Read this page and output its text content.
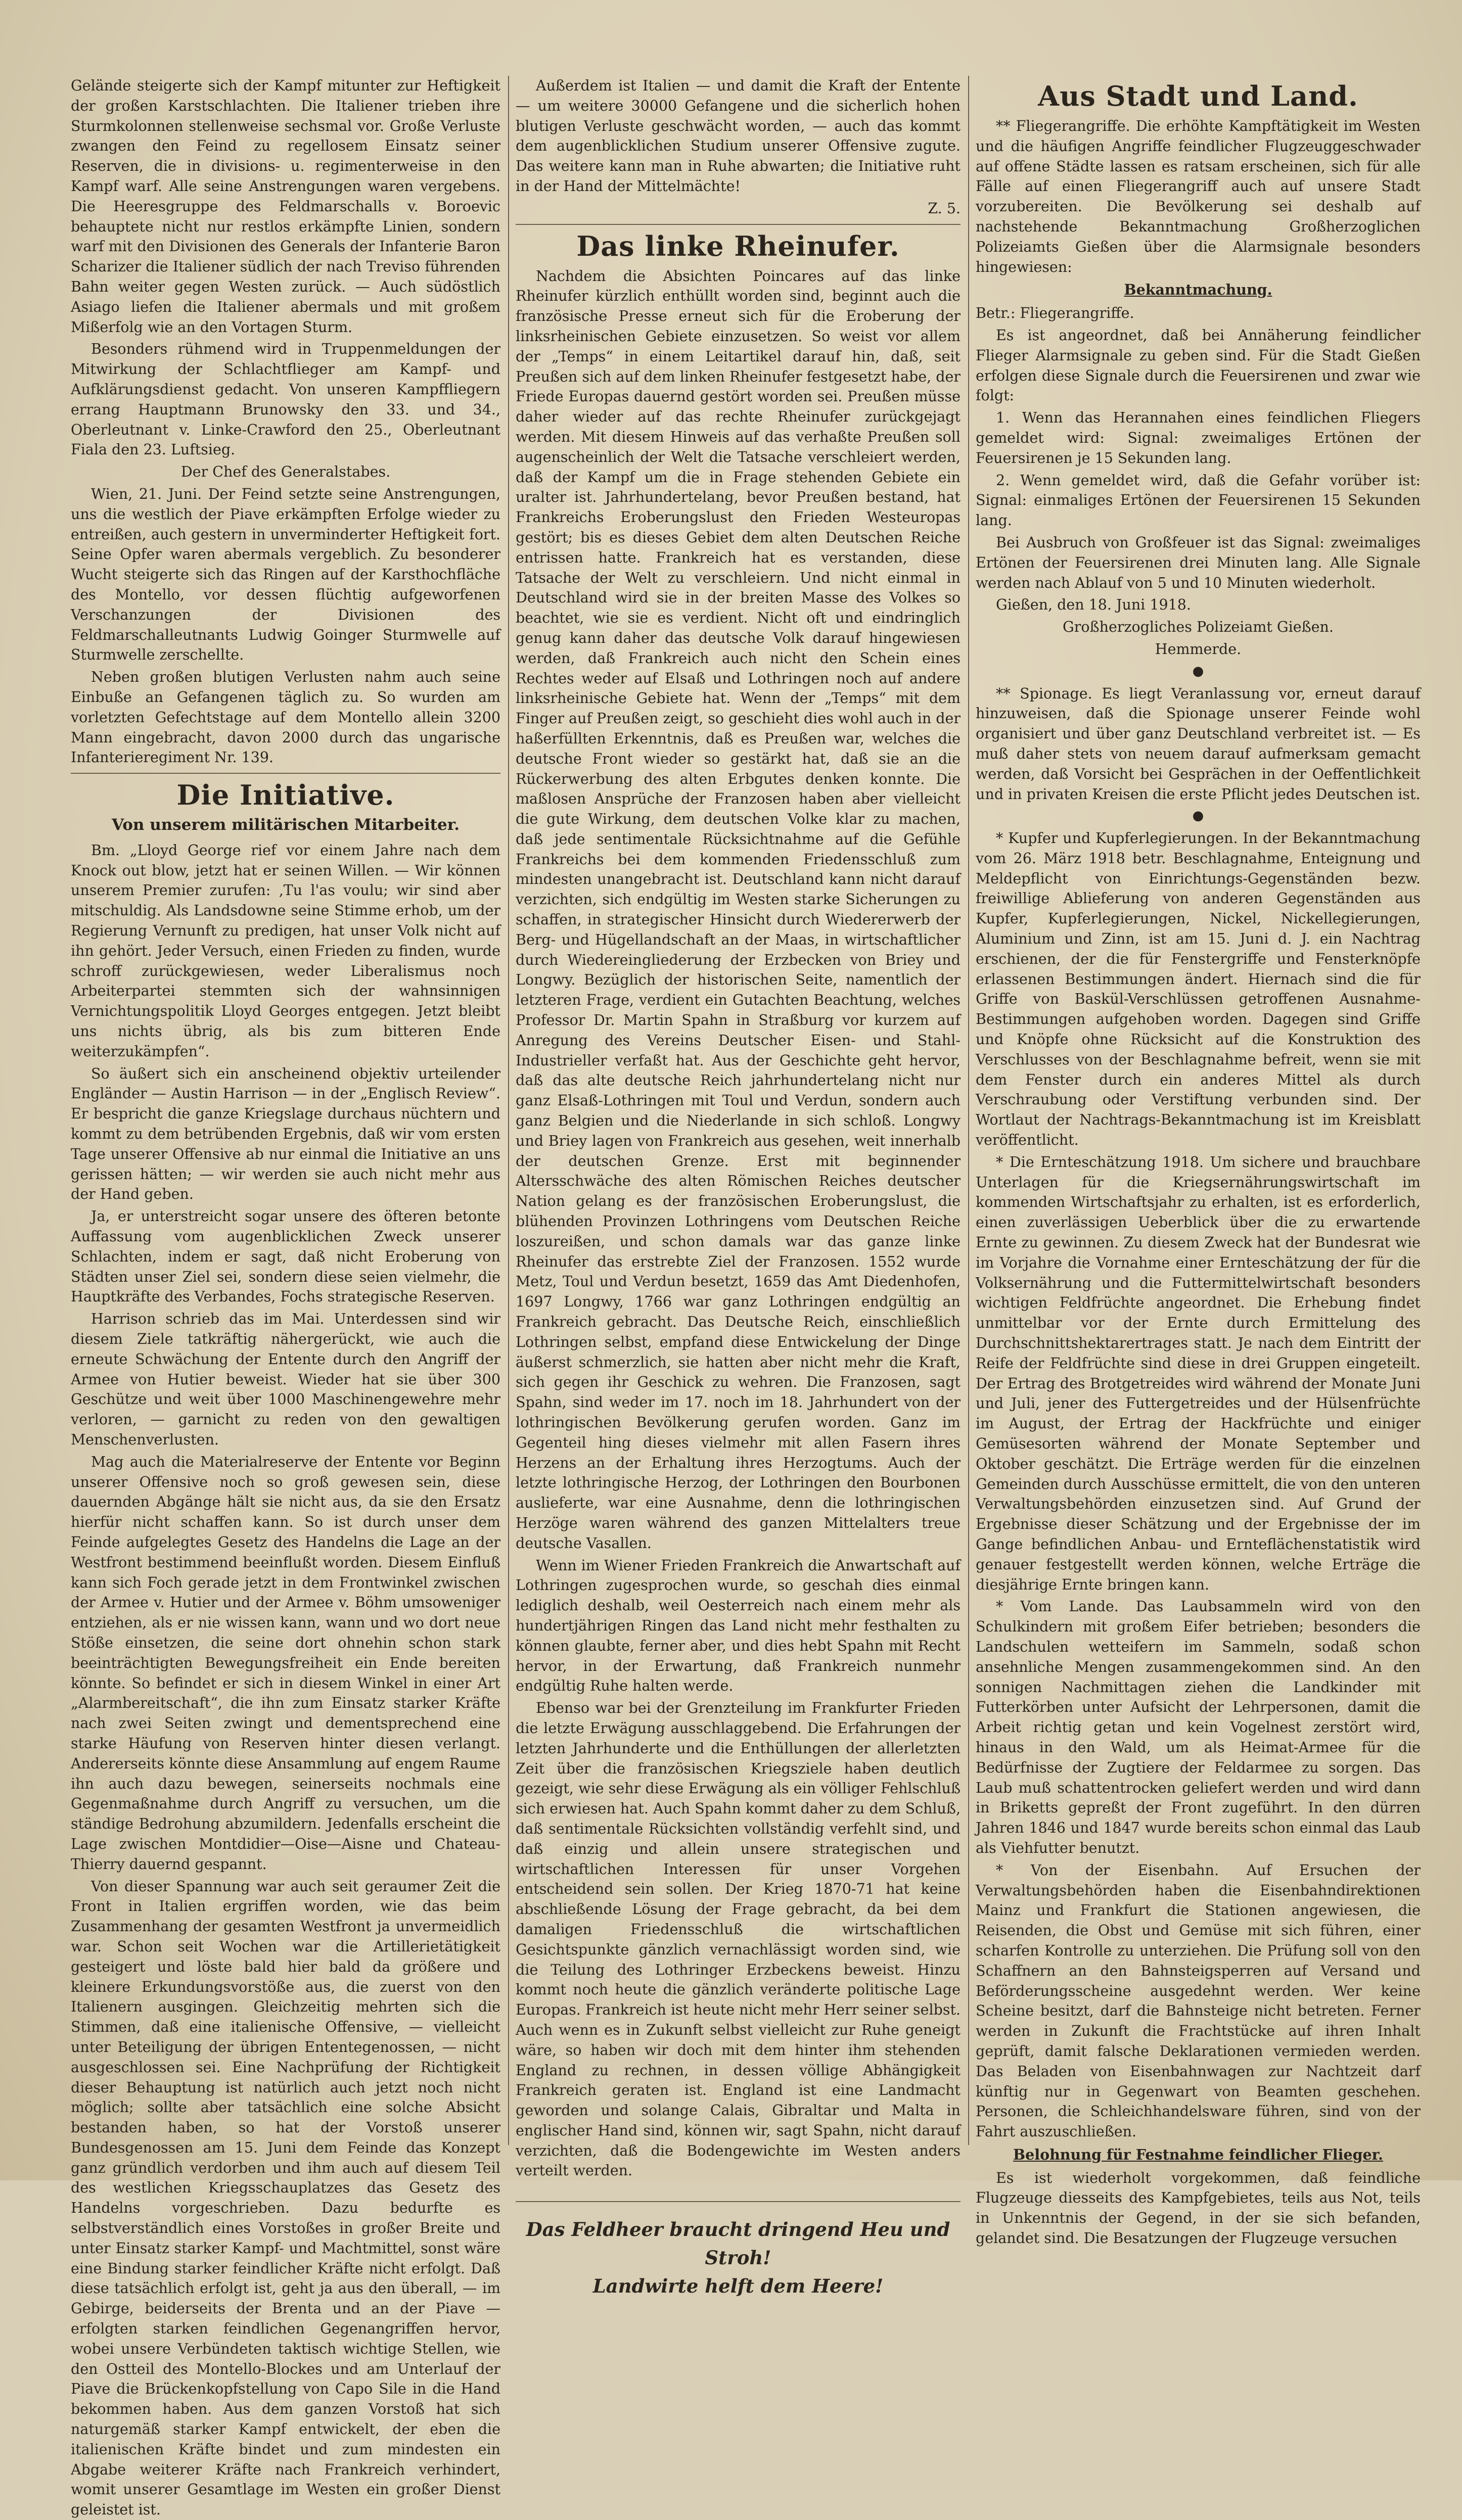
Gelände steigerte sich der Kampf mitunter zur Heftigkeit der großen Karstschlachten. Die Italiener trieben ihre Sturmkolonnen stellenweise sechsmal vor. Große Verluste zwangen den Feind zu regellosem Einsatz seiner Reserven, die in divisions- u. regimenterweise in den Kampf warf. Alle seine Anstrengungen waren vergebens. Die Heeresgruppe des Feldmarschalls v. Boroevic behauptete nicht nur restlos erkämpfte Linien, sondern warf mit den Divisionen des Generals der Infanterie Baron Scharizer die Italiener südlich der nach Treviso führenden Bahn weiter gegen Westen zurück. — Auch südöstlich Asiago liefen die Italiener abermals und mit großem Mißerfolg wie an den Vortagen Sturm.

Besonders rühmend wird in Truppenmeldungen der Mitwirkung der Schlachtflieger am Kampf- und Aufklärungsdienst gedacht. Von unseren Kampffliegern errang Hauptmann Brunowsky den 33. und 34., Oberleutnant v. Linke-Crawford den 25., Oberleutnant Fiala den 23. Luftsieg.

Der Chef des Generalstabes.

Wien, 21. Juni. Der Feind setzte seine Anstrengungen, uns die westlich der Piave erkämpften Erfolge wieder zu entreißen, auch gestern in unverminderter Heftigkeit fort. Seine Opfer waren abermals vergeblich. Zu besonderer Wucht steigerte sich das Ringen auf der Karsthochfläche des Montello, vor dessen flüchtig aufgeworfenen Verschanzungen der Divisionen des Feldmarschalleutnants Ludwig Goinger Sturmwelle auf Sturmwelle zerschellte.

Neben großen blutigen Verlusten nahm auch seine Einbuße an Gefangenen täglich zu. So wurden am vorletzten Gefechtstage auf dem Montello allein 3200 Mann eingebracht, davon 2000 durch das ungarische Infanterieregiment Nr. 139.

Die Initiative.
Von unserem militärischen Mitarbeiter.

Bm. „Lloyd George rief vor einem Jahre nach dem Knock out blow, jetzt hat er seinen Willen. — Wir können unserem Premier zurufen: ‚Tu l'as voulu; wir sind aber mitschuldig. Als Landsdowne seine Stimme erhob, um der Regierung Vernunft zu predigen, hat unser Volk nicht auf ihn gehört. Jeder Versuch, einen Frieden zu finden, wurde schroff zurückgewiesen, weder Liberalismus noch Arbeiterpartei stemmten sich der wahnsinnigen Vernichtungspolitik Lloyd Georges entgegen. Jetzt bleibt uns nichts übrig, als bis zum bitteren Ende weiterzukämpfen“.

So äußert sich ein anscheinend objektiv urteilender Engländer — Austin Harrison — in der „Englisch Review“. Er bespricht die ganze Kriegslage durchaus nüchtern und kommt zu dem betrübenden Ergebnis, daß wir vom ersten Tage unserer Offensive ab nur einmal die Initiative an uns gerissen hätten; — wir werden sie auch nicht mehr aus der Hand geben.

Ja, er unterstreicht sogar unsere des öfteren betonte Auffassung vom augenblicklichen Zweck unserer Schlachten, indem er sagt, daß nicht Eroberung von Städten unser Ziel sei, sondern diese seien vielmehr, die Hauptkräfte des Verbandes, Fochs strategische Reserven.

Harrison schrieb das im Mai. Unterdessen sind wir diesem Ziele tatkräftig nähergerückt, wie auch die erneute Schwächung der Entente durch den Angriff der Armee von Hutier beweist. Wieder hat sie über 300 Geschütze und weit über 1000 Maschinengewehre mehr verloren, — garnicht zu reden von den gewaltigen Menschenverlusten.

Mag auch die Materialreserve der Entente vor Beginn unserer Offensive noch so groß gewesen sein, diese dauernden Abgänge hält sie nicht aus, da sie den Ersatz hierfür nicht schaffen kann. So ist durch unser dem Feinde aufgelegtes Gesetz des Handelns die Lage an der Westfront bestimmend beeinflußt worden. Diesem Einfluß kann sich Foch gerade jetzt in dem Frontwinkel zwischen der Armee v. Hutier und der Armee v. Böhm umsoweniger entziehen, als er nie wissen kann, wann und wo dort neue Stöße einsetzen, die seine dort ohnehin schon stark beeinträchtigten Bewegungsfreiheit ein Ende bereiten könnte. So befindet er sich in diesem Winkel in einer Art „Alarmbereitschaft“, die ihn zum Einsatz starker Kräfte nach zwei Seiten zwingt und dementsprechend eine starke Häufung von Reserven hinter diesen verlangt. Andererseits könnte diese Ansammlung auf engem Raume ihn auch dazu bewegen, seinerseits nochmals eine Gegenmaßnahme durch Angriff zu versuchen, um die ständige Bedrohung abzumildern. Jedenfalls erscheint die Lage zwischen Montdidier—Oise—Aisne und Chateau-Thierry dauernd gespannt.

Von dieser Spannung war auch seit geraumer Zeit die Front in Italien ergriffen worden, wie das beim Zusammenhang der gesamten Westfront ja unvermeidlich war. Schon seit Wochen war die Artillerietätigkeit gesteigert und löste bald hier bald da größere und kleinere Erkundungsvorstöße aus, die zuerst von den Italienern ausgingen. Gleichzeitig mehrten sich die Stimmen, daß eine italienische Offensive, — vielleicht unter Beteiligung der übrigen Ententegenossen, — nicht ausgeschlossen sei. Eine Nachprüfung der Richtigkeit dieser Behauptung ist natürlich auch jetzt noch nicht möglich; sollte aber tatsächlich eine solche Absicht bestanden haben, so hat der Vorstoß unserer Bundesgenossen am 15. Juni dem Feinde das Konzept ganz gründlich verdorben und ihm auch auf diesem Teil des westlichen Kriegsschauplatzes das Gesetz des Handelns vorgeschrieben. Dazu bedurfte es selbstverständlich eines Vorstoßes in großer Breite und unter Einsatz starker Kampf- und Machtmittel, sonst wäre eine Bindung starker feindlicher Kräfte nicht erfolgt. Daß diese tatsächlich erfolgt ist, geht ja aus den überall, — im Gebirge, beiderseits der Brenta und an der Piave — erfolgten starken feindlichen Gegenangriffen hervor, wobei unsere Verbündeten taktisch wichtige Stellen, wie den Ostteil des Montello-Blockes und am Unterlauf der Piave die Brückenkopfstellung von Capo Sile in die Hand bekommen haben. Aus dem ganzen Vorstoß hat sich naturgemäß starker Kampf entwickelt, der eben die italienischen Kräfte bindet und zum mindesten ein Abgabe weiterer Kräfte nach Frankreich verhindert, womit unserer Gesamtlage im Westen ein großer Dienst geleistet ist.

Außerdem ist Italien — und damit die Kraft der Entente — um weitere 30000 Gefangene und die sicherlich hohen blutigen Verluste geschwächt worden, — auch das kommt dem augenblicklichen Studium unserer Offensive zugute. Das weitere kann man in Ruhe abwarten; die Initiative ruht in der Hand der Mittelmächte!

Z. 5.

Das linke Rheinufer.

Nachdem die Absichten Poincares auf das linke Rheinufer kürzlich enthüllt worden sind, beginnt auch die französische Presse erneut sich für die Eroberung der linksrheinischen Gebiete einzusetzen. So weist vor allem der „Temps“ in einem Leitartikel darauf hin, daß, seit Preußen sich auf dem linken Rheinufer festgesetzt habe, der Friede Europas dauernd gestört worden sei. Preußen müsse daher wieder auf das rechte Rheinufer zurückgejagt werden. Mit diesem Hinweis auf das verhaßte Preußen soll augenscheinlich der Welt die Tatsache verschleiert werden, daß der Kampf um die in Frage stehenden Gebiete ein uralter ist. Jahrhundertelang, bevor Preußen bestand, hat Frankreichs Eroberungslust den Frieden Westeuropas gestört; bis es dieses Gebiet dem alten Deutschen Reiche entrissen hatte. Frankreich hat es verstanden, diese Tatsache der Welt zu verschleiern. Und nicht einmal in Deutschland wird sie in der breiten Masse des Volkes so beachtet, wie sie es verdient. Nicht oft und eindringlich genug kann daher das deutsche Volk darauf hingewiesen werden, daß Frankreich auch nicht den Schein eines Rechtes weder auf Elsaß und Lothringen noch auf andere linksrheinische Gebiete hat. Wenn der „Temps“ mit dem Finger auf Preußen zeigt, so geschieht dies wohl auch in der haßerfüllten Erkenntnis, daß es Preußen war, welches die deutsche Front wieder so gestärkt hat, daß sie an die Rückerwerbung des alten Erbgutes denken konnte. Die maßlosen Ansprüche der Franzosen haben aber vielleicht die gute Wirkung, dem deutschen Volke klar zu machen, daß jede sentimentale Rücksichtnahme auf die Gefühle Frankreichs bei dem kommenden Friedensschluß zum mindesten unangebracht ist. Deutschland kann nicht darauf verzichten, sich endgültig im Westen starke Sicherungen zu schaffen, in strategischer Hinsicht durch Wiedererwerb der Berg- und Hügellandschaft an der Maas, in wirtschaftlicher durch Wiedereingliederung der Erzbecken von Briey und Longwy. Bezüglich der historischen Seite, namentlich der letzteren Frage, verdient ein Gutachten Beachtung, welches Professor Dr. Martin Spahn in Straßburg vor kurzem auf Anregung des Vereins Deutscher Eisen- und Stahl-Industrieller verfaßt hat. Aus der Geschichte geht hervor, daß das alte deutsche Reich jahrhundertelang nicht nur ganz Elsaß-Lothringen mit Toul und Verdun, sondern auch ganz Belgien und die Niederlande in sich schloß. Longwy und Briey lagen von Frankreich aus gesehen, weit innerhalb der deutschen Grenze. Erst mit beginnender Altersschwäche des alten Römischen Reiches deutscher Nation gelang es der französischen Eroberungslust, die blühenden Provinzen Lothringens vom Deutschen Reiche loszureißen, und schon damals war das ganze linke Rheinufer das erstrebte Ziel der Franzosen. 1552 wurde Metz, Toul und Verdun besetzt, 1659 das Amt Diedenhofen, 1697 Longwy, 1766 war ganz Lothringen endgültig an Frankreich gebracht. Das Deutsche Reich, einschließlich Lothringen selbst, empfand diese Entwickelung der Dinge äußerst schmerzlich, sie hatten aber nicht mehr die Kraft, sich gegen ihr Geschick zu wehren. Die Franzosen, sagt Spahn, sind weder im 17. noch im 18. Jahrhundert von der lothringischen Bevölkerung gerufen worden. Ganz im Gegenteil hing dieses vielmehr mit allen Fasern ihres Herzens an der Erhaltung ihres Herzogtums. Auch der letzte lothringische Herzog, der Lothringen den Bourbonen auslieferte, war eine Ausnahme, denn die lothringischen Herzöge waren während des ganzen Mittelalters treue deutsche Vasallen.

Wenn im Wiener Frieden Frankreich die Anwartschaft auf Lothringen zugesprochen wurde, so geschah dies einmal lediglich deshalb, weil Oesterreich nach einem mehr als hundertjährigen Ringen das Land nicht mehr festhalten zu können glaubte, ferner aber, und dies hebt Spahn mit Recht hervor, in der Erwartung, daß Frankreich nunmehr endgültig Ruhe halten werde.

Ebenso war bei der Grenzteilung im Frankfurter Frieden die letzte Erwägung ausschlaggebend. Die Erfahrungen der letzten Jahrhunderte und die Enthüllungen der allerletzten Zeit über die französischen Kriegsziele haben deutlich gezeigt, wie sehr diese Erwägung als ein völliger Fehlschluß sich erwiesen hat. Auch Spahn kommt daher zu dem Schluß, daß sentimentale Rücksichten vollständig verfehlt sind, und daß einzig und allein unsere strategischen und wirtschaftlichen Interessen für unser Vorgehen entscheidend sein sollen. Der Krieg 1870-71 hat keine abschließende Lösung der Frage gebracht, da bei dem damaligen Friedensschluß die wirtschaftlichen Gesichtspunkte gänzlich vernachlässigt worden sind, wie die Teilung des Lothringer Erzbeckens beweist. Hinzu kommt noch heute die gänzlich veränderte politische Lage Europas. Frankreich ist heute nicht mehr Herr seiner selbst. Auch wenn es in Zukunft selbst vielleicht zur Ruhe geneigt wäre, so haben wir doch mit dem hinter ihm stehenden England zu rechnen, in dessen völlige Abhängigkeit Frankreich geraten ist. England ist eine Landmacht geworden und solange Calais, Gibraltar und Malta in englischer Hand sind, können wir, sagt Spahn, nicht darauf verzichten, daß die Bodengewichte im Westen anders verteilt werden.

Das Feldheer braucht dringend Heu und Stroh!
Landwirte helft dem Heere!
Aus Stadt und Land.

** Fliegerangriffe. Die erhöhte Kampftätigkeit im Westen und die häufigen Angriffe feindlicher Flugzeuggeschwader auf offene Städte lassen es ratsam erscheinen, sich für alle Fälle auf einen Fliegerangriff auch auf unsere Stadt vorzubereiten. Die Bevölkerung sei deshalb auf nachstehende Bekanntmachung Großherzoglichen Polizeiamts Gießen über die Alarmsignale besonders hingewiesen:

Bekanntmachung.

Betr.: Fliegerangriffe.

Es ist angeordnet, daß bei Annäherung feindlicher Flieger Alarmsignale zu geben sind. Für die Stadt Gießen erfolgen diese Signale durch die Feuersirenen und zwar wie folgt:

1. Wenn das Herannahen eines feindlichen Fliegers gemeldet wird: Signal: zweimaliges Ertönen der Feuersirenen je 15 Sekunden lang.

2. Wenn gemeldet wird, daß die Gefahr vorüber ist: Signal: einmaliges Ertönen der Feuersirenen 15 Sekunden lang.

Bei Ausbruch von Großfeuer ist das Signal: zweimaliges Ertönen der Feuersirenen drei Minuten lang. Alle Signale werden nach Ablauf von 5 und 10 Minuten wiederholt.

Gießen, den 18. Juni 1918.

Großherzogliches Polizeiamt Gießen.

Hemmerde.

●

** Spionage. Es liegt Veranlassung vor, erneut darauf hinzuweisen, daß die Spionage unserer Feinde wohl organisiert und über ganz Deutschland verbreitet ist. — Es muß daher stets von neuem darauf aufmerksam gemacht werden, daß Vorsicht bei Gesprächen in der Oeffentlichkeit und in privaten Kreisen die erste Pflicht jedes Deutschen ist.

●

* Kupfer und Kupferlegierungen. In der Bekanntmachung vom 26. März 1918 betr. Beschlagnahme, Enteignung und Meldepflicht von Einrichtungs-Gegenständen bezw. freiwillige Ablieferung von anderen Gegenständen aus Kupfer, Kupferlegierungen, Nickel, Nickellegierungen, Aluminium und Zinn, ist am 15. Juni d. J. ein Nachtrag erschienen, der die für Fenstergriffe und Fensterknöpfe erlassenen Bestimmungen ändert. Hiernach sind die für Griffe von Baskül-Verschlüssen getroffenen Ausnahme-Bestimmungen aufgehoben worden. Dagegen sind Griffe und Knöpfe ohne Rücksicht auf die Konstruktion des Verschlusses von der Beschlagnahme befreit, wenn sie mit dem Fenster durch ein anderes Mittel als durch Verschraubung oder Verstiftung verbunden sind. Der Wortlaut der Nachtrags-Bekanntmachung ist im Kreisblatt veröffentlicht.

* Die Ernteschätzung 1918. Um sichere und brauchbare Unterlagen für die Kriegsernährungswirtschaft im kommenden Wirtschaftsjahr zu erhalten, ist es erforderlich, einen zuverlässigen Ueberblick über die zu erwartende Ernte zu gewinnen. Zu diesem Zweck hat der Bundesrat wie im Vorjahre die Vornahme einer Ernteschätzung der für die Volksernährung und die Futtermittelwirtschaft besonders wichtigen Feldfrüchte angeordnet. Die Erhebung findet unmittelbar vor der Ernte durch Ermittelung des Durchschnittshektarertrages statt. Je nach dem Eintritt der Reife der Feldfrüchte sind diese in drei Gruppen eingeteilt. Der Ertrag des Brotgetreides wird während der Monate Juni und Juli, jener des Futtergetreides und der Hülsenfrüchte im August, der Ertrag der Hackfrüchte und einiger Gemüsesorten während der Monate September und Oktober geschätzt. Die Erträge werden für die einzelnen Gemeinden durch Ausschüsse ermittelt, die von den unteren Verwaltungsbehörden einzusetzen sind. Auf Grund der Ergebnisse dieser Schätzung und der Ergebnisse der im Gange befindlichen Anbau- und Ernteflächenstatistik wird genauer festgestellt werden können, welche Erträge die diesjährige Ernte bringen kann.

* Vom Lande. Das Laubsammeln wird von den Schulkindern mit großem Eifer betrieben; besonders die Landschulen wetteifern im Sammeln, sodaß schon ansehnliche Mengen zusammengekommen sind. An den sonnigen Nachmittagen ziehen die Landkinder mit Futterkörben unter Aufsicht der Lehrpersonen, damit die Arbeit richtig getan und kein Vogelnest zerstört wird, hinaus in den Wald, um als Heimat-Armee für die Bedürfnisse der Zugtiere der Feldarmee zu sorgen. Das Laub muß schattentrocken geliefert werden und wird dann in Briketts gepreßt der Front zugeführt. In den dürren Jahren 1846 und 1847 wurde bereits schon einmal das Laub als Viehfutter benutzt.

* Von der Eisenbahn. Auf Ersuchen der Verwaltungsbehörden haben die Eisenbahndirektionen Mainz und Frankfurt die Stationen angewiesen, die Reisenden, die Obst und Gemüse mit sich führen, einer scharfen Kontrolle zu unterziehen. Die Prüfung soll von den Schaffnern an den Bahnsteigsperren auf Versand und Beförderungsscheine ausgedehnt werden. Wer keine Scheine besitzt, darf die Bahnsteige nicht betreten. Ferner werden in Zukunft die Frachtstücke auf ihren Inhalt geprüft, damit falsche Deklarationen vermieden werden. Das Beladen von Eisenbahnwagen zur Nachtzeit darf künftig nur in Gegenwart von Beamten geschehen. Personen, die Schleichhandelsware führen, sind von der Fahrt auszuschließen.

Belohnung für Festnahme feindlicher Flieger.

Es ist wiederholt vorgekommen, daß feindliche Flugzeuge diesseits des Kampfgebietes, teils aus Not, teils in Unkenntnis der Gegend, in der sie sich befanden, gelandet sind. Die Besatzungen der Flugzeuge versuchen
